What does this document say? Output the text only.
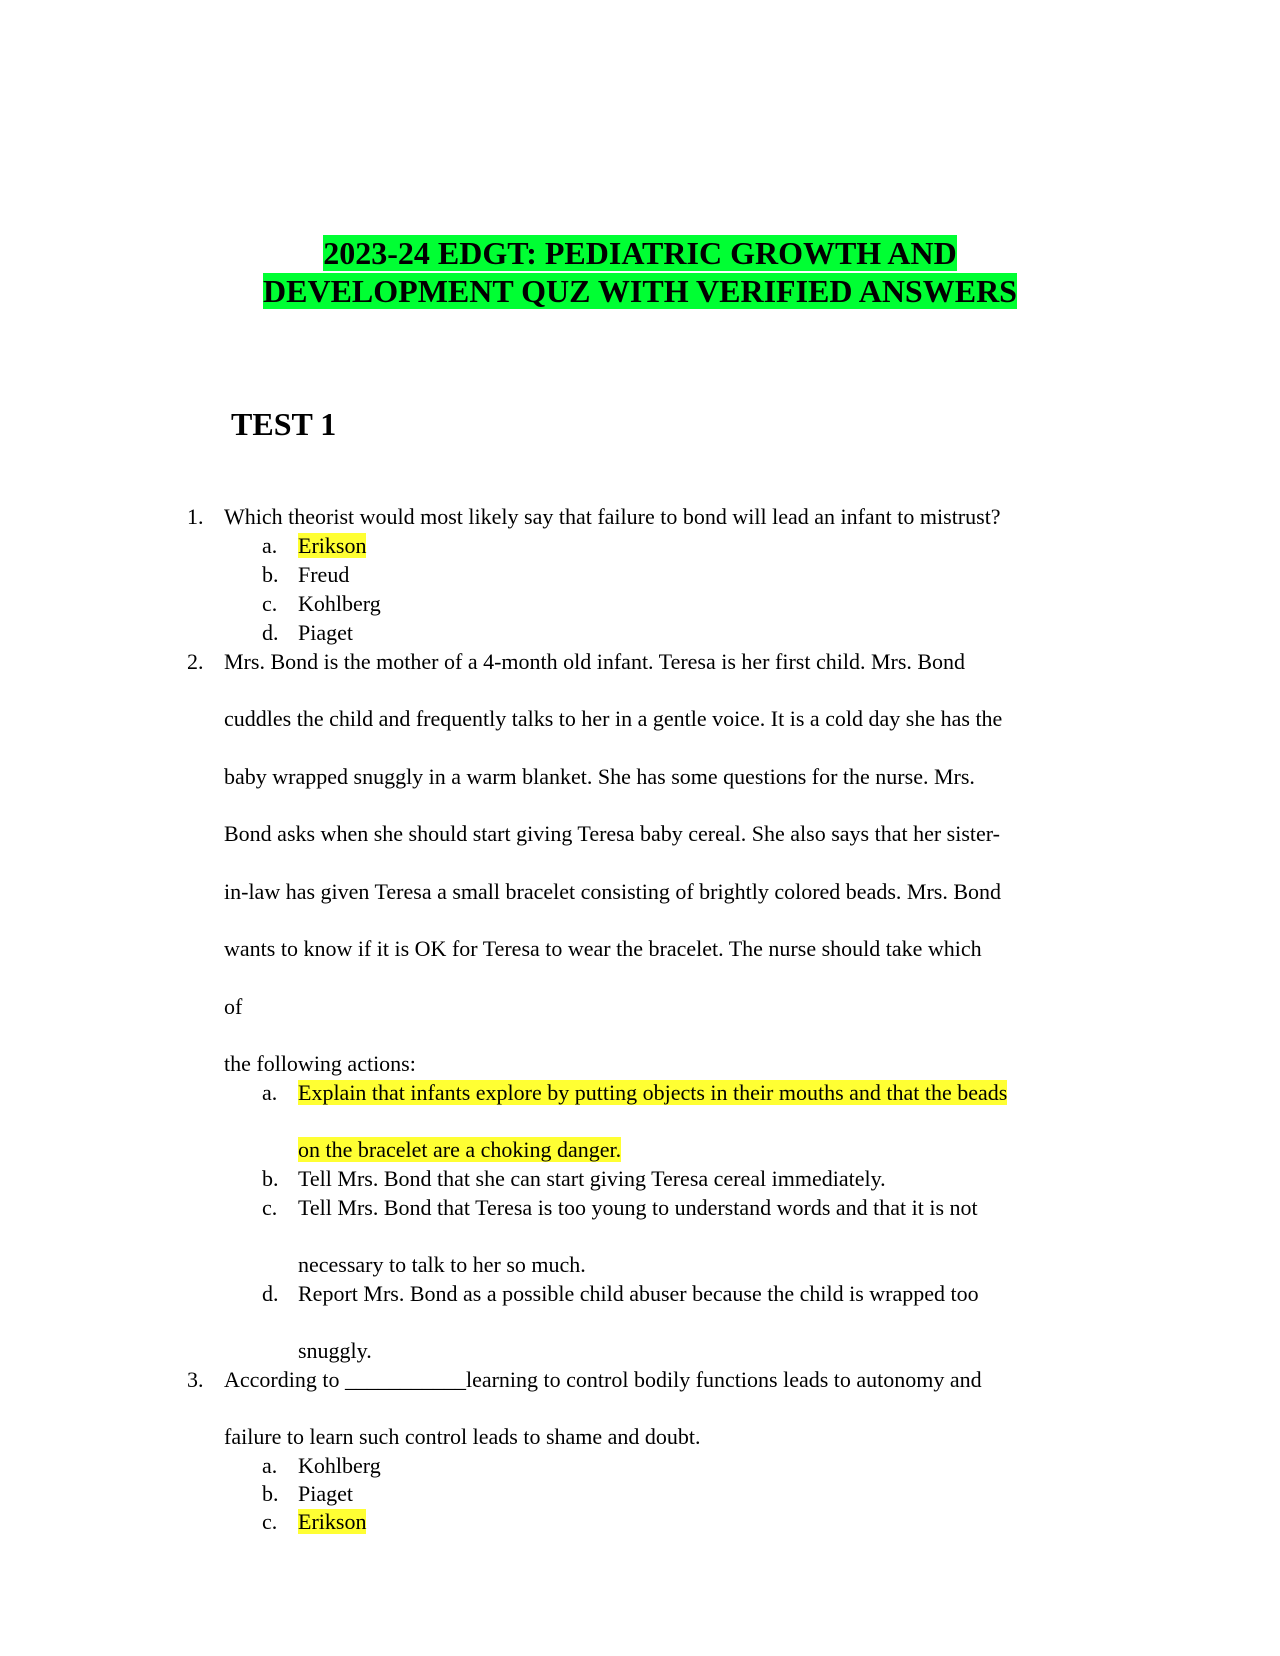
2023-24 EDGT: PEDIATRIC GROWTH AND
DEVELOPMENT QUZ WITH VERIFIED ANSWERS
TEST 1
1. Which theorist would most likely say that failure to bond will lead an infant to mistrust?
a. Erikson
b. Freud
c. Kohlberg
d. Piaget
2. Mrs. Bond is the mother of a 4-month old infant. Teresa is her first child. Mrs. Bond
cuddles the child and frequently talks to her in a gentle voice. It is a cold day she has the
baby wrapped snuggly in a warm blanket. She has some questions for the nurse. Mrs.
Bond asks when she should start giving Teresa baby cereal. She also says that her sister-
in-law has given Teresa a small bracelet consisting of brightly colored beads. Mrs. Bond
wants to know if it is OK for Teresa to wear the bracelet. The nurse should take which
of
the following actions:
a. Explain that infants explore by putting objects in their mouths and that the beads
on the bracelet are a choking danger.
b. Tell Mrs. Bond that she can start giving Teresa cereal immediately.
c. Tell Mrs. Bond that Teresa is too young to understand words and that it is not
necessary to talk to her so much.
d. Report Mrs. Bond as a possible child abuser because the child is wrapped too
snuggly.
3. According to ___________learning to control bodily functions leads to autonomy and
failure to learn such control leads to shame and doubt.
a. Kohlberg
b. Piaget
c. Erikson
